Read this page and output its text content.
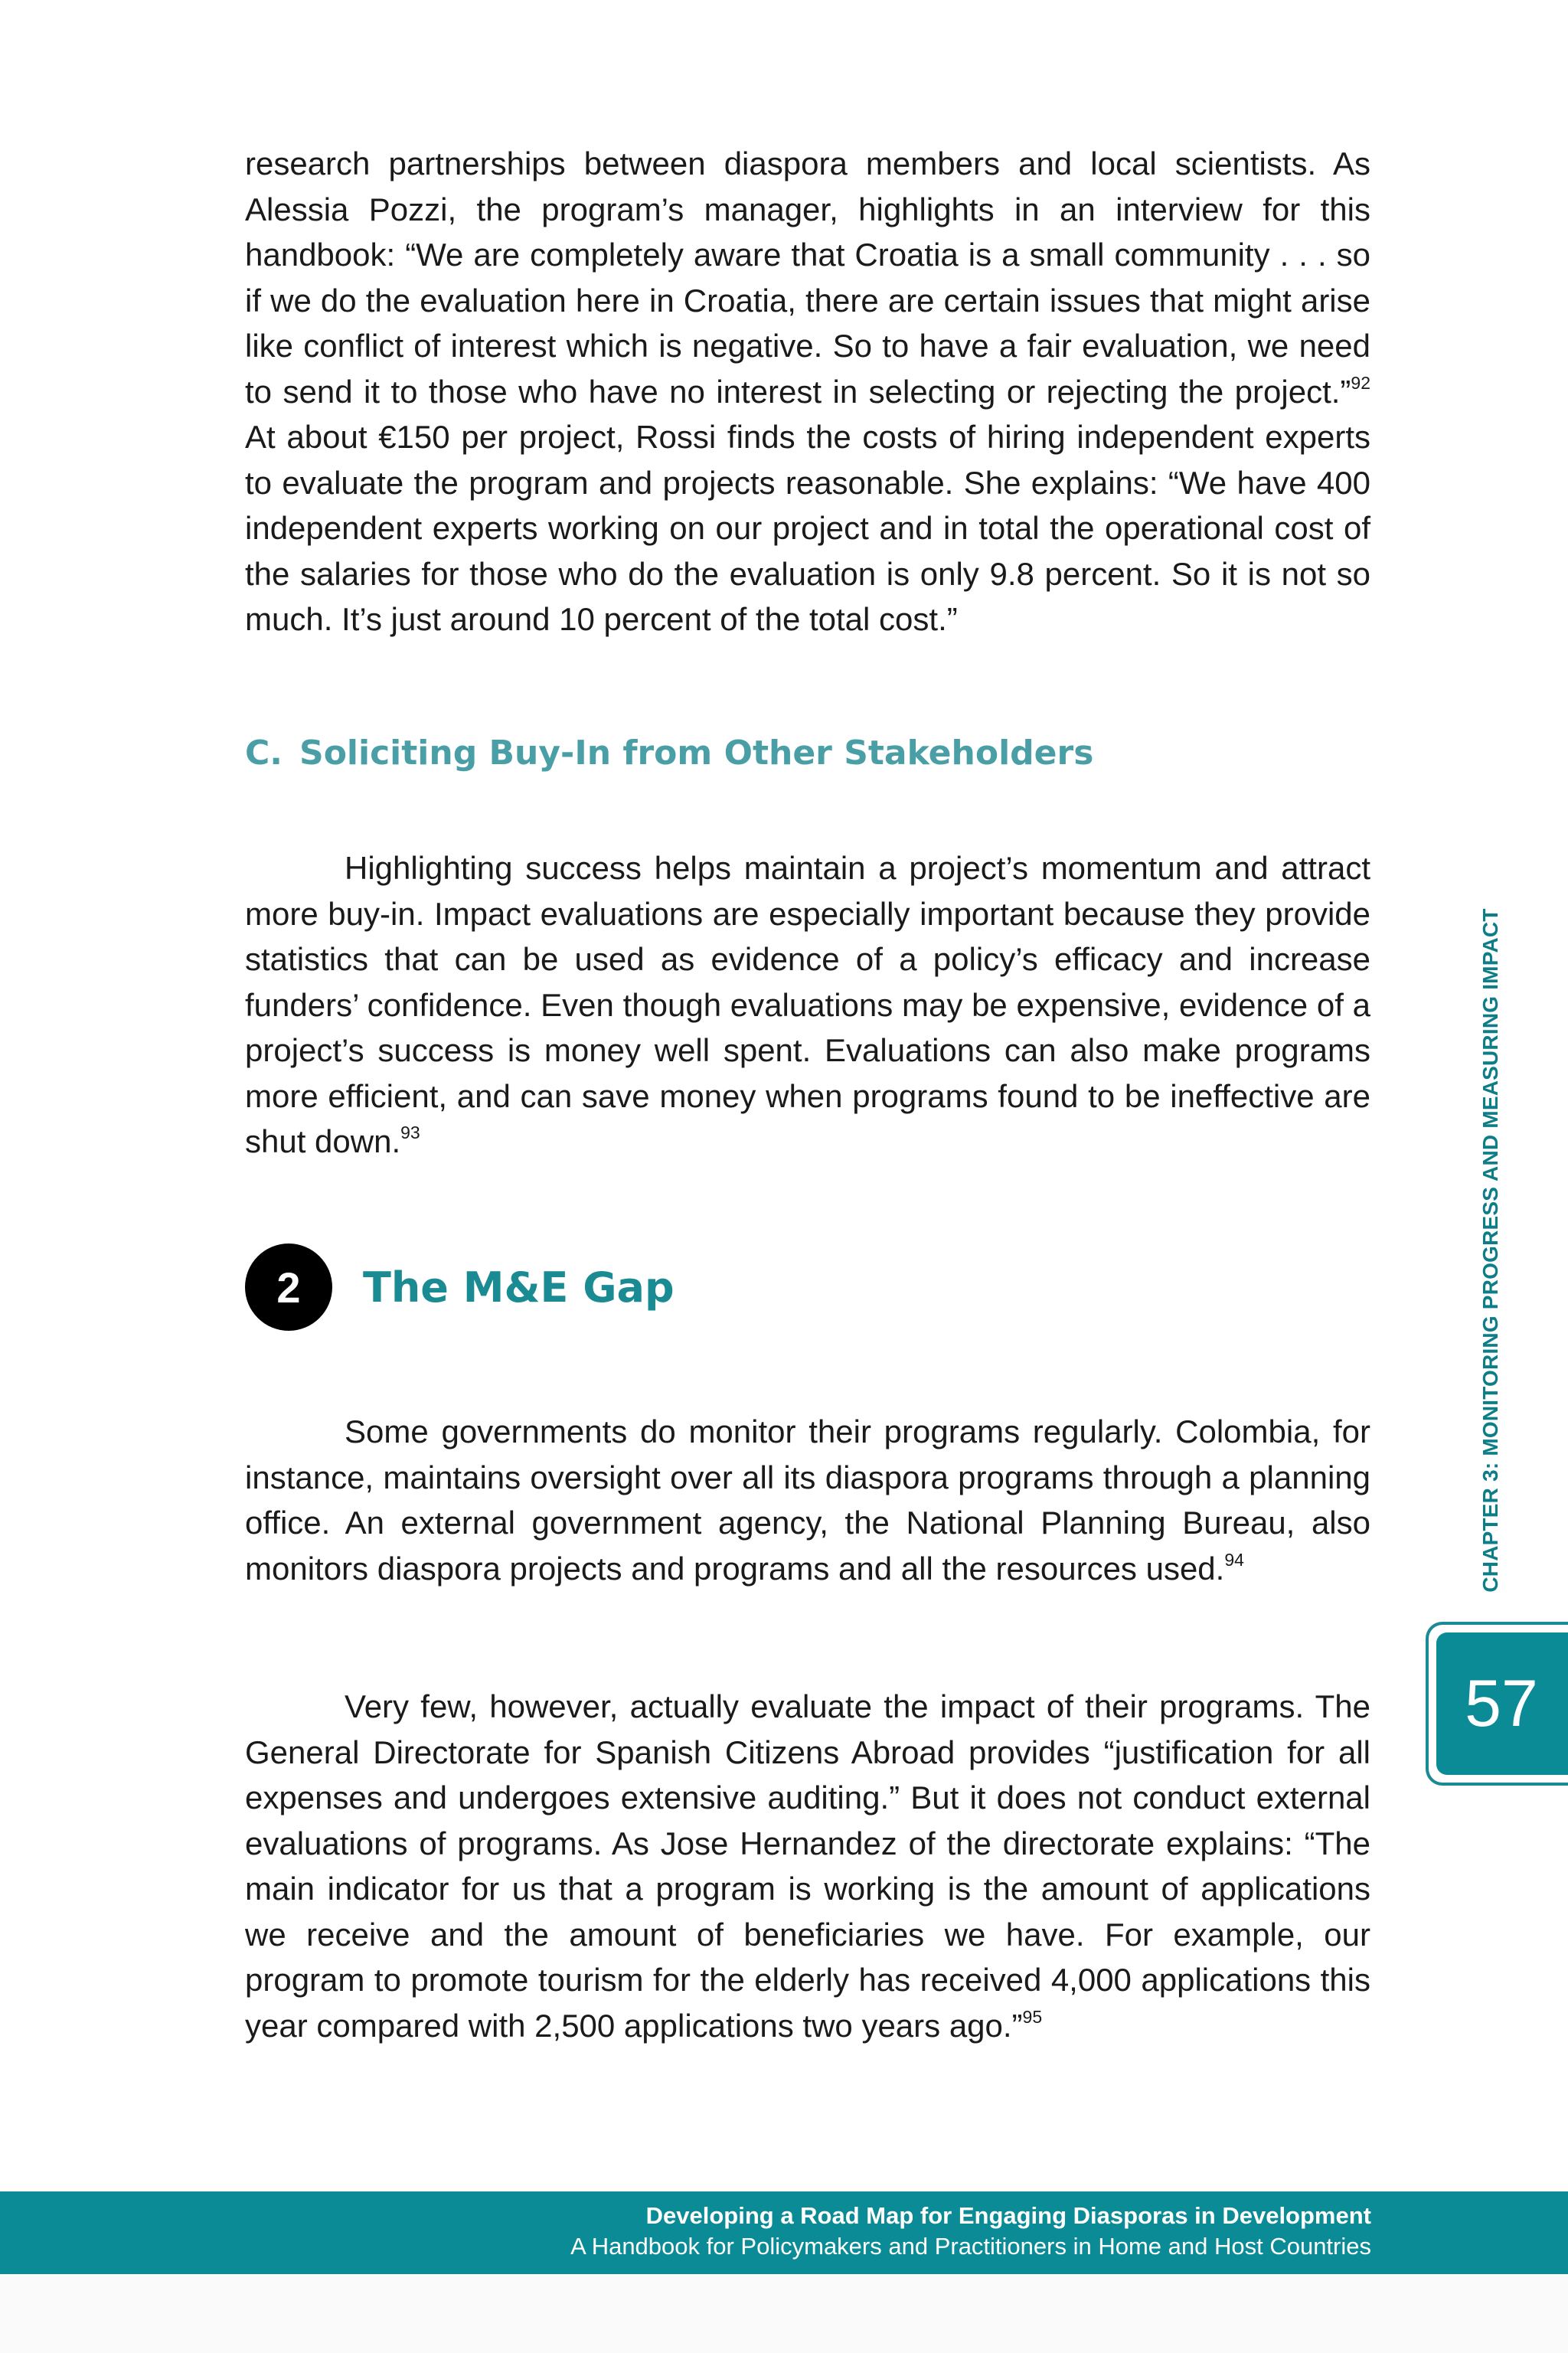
research partnerships between diaspora members and local scientists. As Alessia Pozzi, the program’s manager, highlights in an interview for this handbook: “We are completely aware that Croatia is a small community . . . so if we do the evaluation here in Croatia, there are certain issues that might arise like conflict of interest which is negative. So to have a fair evaluation, we need to send it to those who have no interest in selecting or rejecting the project.”$^{92}$ At about €150 per project, Rossi finds the costs of hiring independent experts to evaluate the program and projects reasonable. She explains: “We have 400 independent experts working on our project and in total the operational cost of the salaries for those who do the evaluation is only 9.8 percent. So it is not so much. It’s just around 10 percent of the total cost.”

C. Soliciting Buy-In from Other Stakeholders

Highlighting success helps maintain a project’s momentum and attract more buy-in. Impact evaluations are especially important because they provide statistics that can be used as evidence of a policy’s efficacy and increase funders’ confidence. Even though evaluations may be expensive, evidence of a project’s success is money well spent. Evaluations can also make programs more efficient, and can save money when programs found to be ineffective are shut down.$^{93}$

2	The M&E Gap

Some governments do monitor their programs regularly. Colombia, for instance, maintains oversight over all its diaspora programs through a planning office. An external government agency, the National Planning Bureau, also monitors diaspora projects and programs and all the resources used.$^{94}$

Very few, however, actually evaluate the impact of their programs. The General Directorate for Spanish Citizens Abroad provides “justification for all expenses and undergoes extensive auditing.” But it does not conduct external evaluations of programs. As Jose Hernandez of the directorate explains: “The main indicator for us that a program is working is the amount of applications we receive and the amount of beneficiaries we have. For example, our program to promote tourism for the elderly has received 4,000 applications this year compared with 2,500 applications two years ago.”$^{95}$

CHAPTER 3: MONITORING PROGRESS AND MEASURING IMPACT
57
Developing a Road Map for Engaging Diasporas in Development
A Handbook for Policymakers and Practitioners in Home and Host Countries
